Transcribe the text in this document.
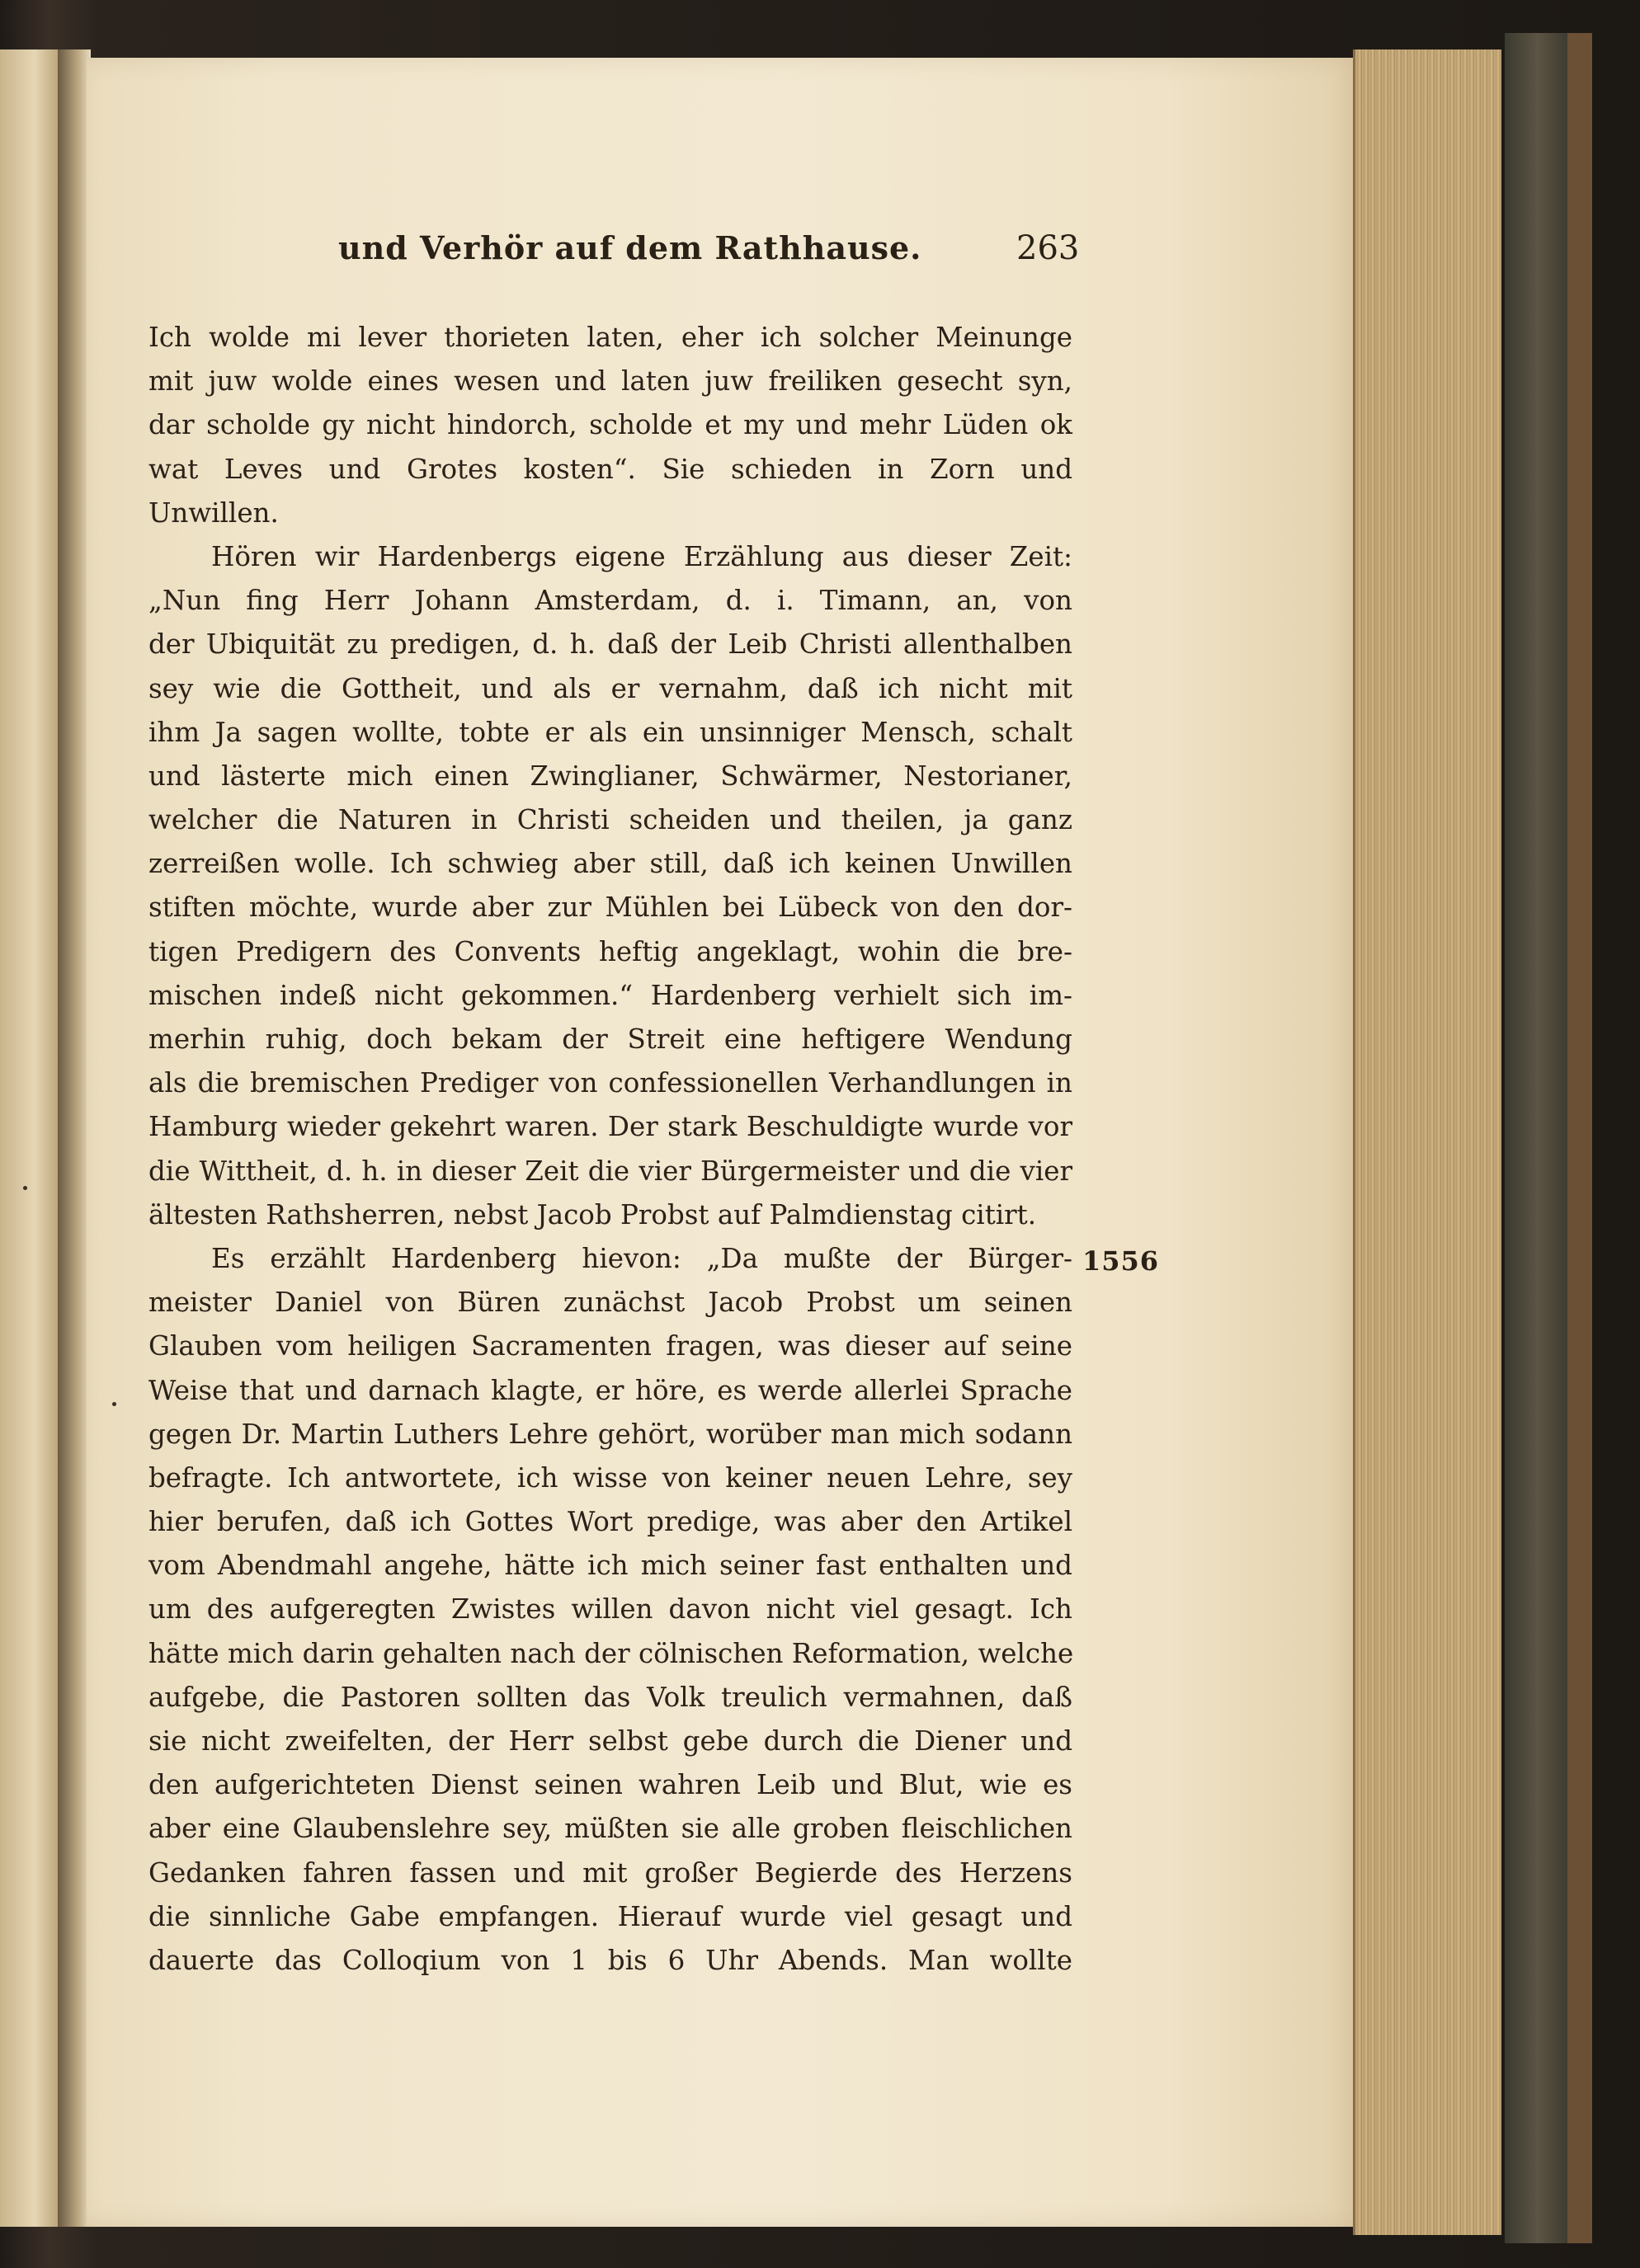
und Verhör auf dem Rathhause.	263
Ich wolde mi lever thorieten laten, eher ich solcher Meinunge
mit juw wolde eines wesen und laten juw freiliken gesecht syn,
dar scholde gy nicht hindorch, scholde et my und mehr Lüden ok
wat Leves und Grotes kosten“. Sie schieden in Zorn und
Unwillen.
Hören wir Hardenbergs eigene Erzählung aus dieser Zeit:
„Nun fing Herr Johann Amsterdam, d. i. Timann, an, von
der Ubiquität zu predigen, d. h. daß der Leib Christi allenthalben
sey wie die Gottheit, und als er vernahm, daß ich nicht mit
ihm Ja sagen wollte, tobte er als ein unsinniger Mensch, schalt
und lästerte mich einen Zwinglianer, Schwärmer, Nestorianer,
welcher die Naturen in Christi scheiden und theilen, ja ganz
zerreißen wolle. Ich schwieg aber still, daß ich keinen Unwillen
stiften möchte, wurde aber zur Mühlen bei Lübeck von den dor-
tigen Predigern des Convents heftig angeklagt, wohin die bre-
mischen indeß nicht gekommen.“ Hardenberg verhielt sich im-
merhin ruhig, doch bekam der Streit eine heftigere Wendung
als die bremischen Prediger von confessionellen Verhandlungen in
Hamburg wieder gekehrt waren. Der stark Beschuldigte wurde vor
die Wittheit, d. h. in dieser Zeit die vier Bürgermeister und die vier
ältesten Rathsherren, nebst Jacob Probst auf Palmdienstag citirt.
Es erzählt Hardenberg hievon: „Da mußte der Bürger-
meister Daniel von Büren zunächst Jacob Probst um seinen
Glauben vom heiligen Sacramenten fragen, was dieser auf seine
Weise that und darnach klagte, er höre, es werde allerlei Sprache
gegen Dr. Martin Luthers Lehre gehört, worüber man mich sodann
befragte. Ich antwortete, ich wisse von keiner neuen Lehre, sey
hier berufen, daß ich Gottes Wort predige, was aber den Artikel
vom Abendmahl angehe, hätte ich mich seiner fast enthalten und
um des aufgeregten Zwistes willen davon nicht viel gesagt. Ich
hätte mich darin gehalten nach der cölnischen Reformation, welche
aufgebe, die Pastoren sollten das Volk treulich vermahnen, daß
sie nicht zweifelten, der Herr selbst gebe durch die Diener und
den aufgerichteten Dienst seinen wahren Leib und Blut, wie es
aber eine Glaubenslehre sey, müßten sie alle groben fleischlichen
Gedanken fahren fassen und mit großer Begierde des Herzens
die sinnliche Gabe empfangen. Hierauf wurde viel gesagt und
dauerte das Colloqium von 1 bis 6 Uhr Abends. Man wollte
1556
